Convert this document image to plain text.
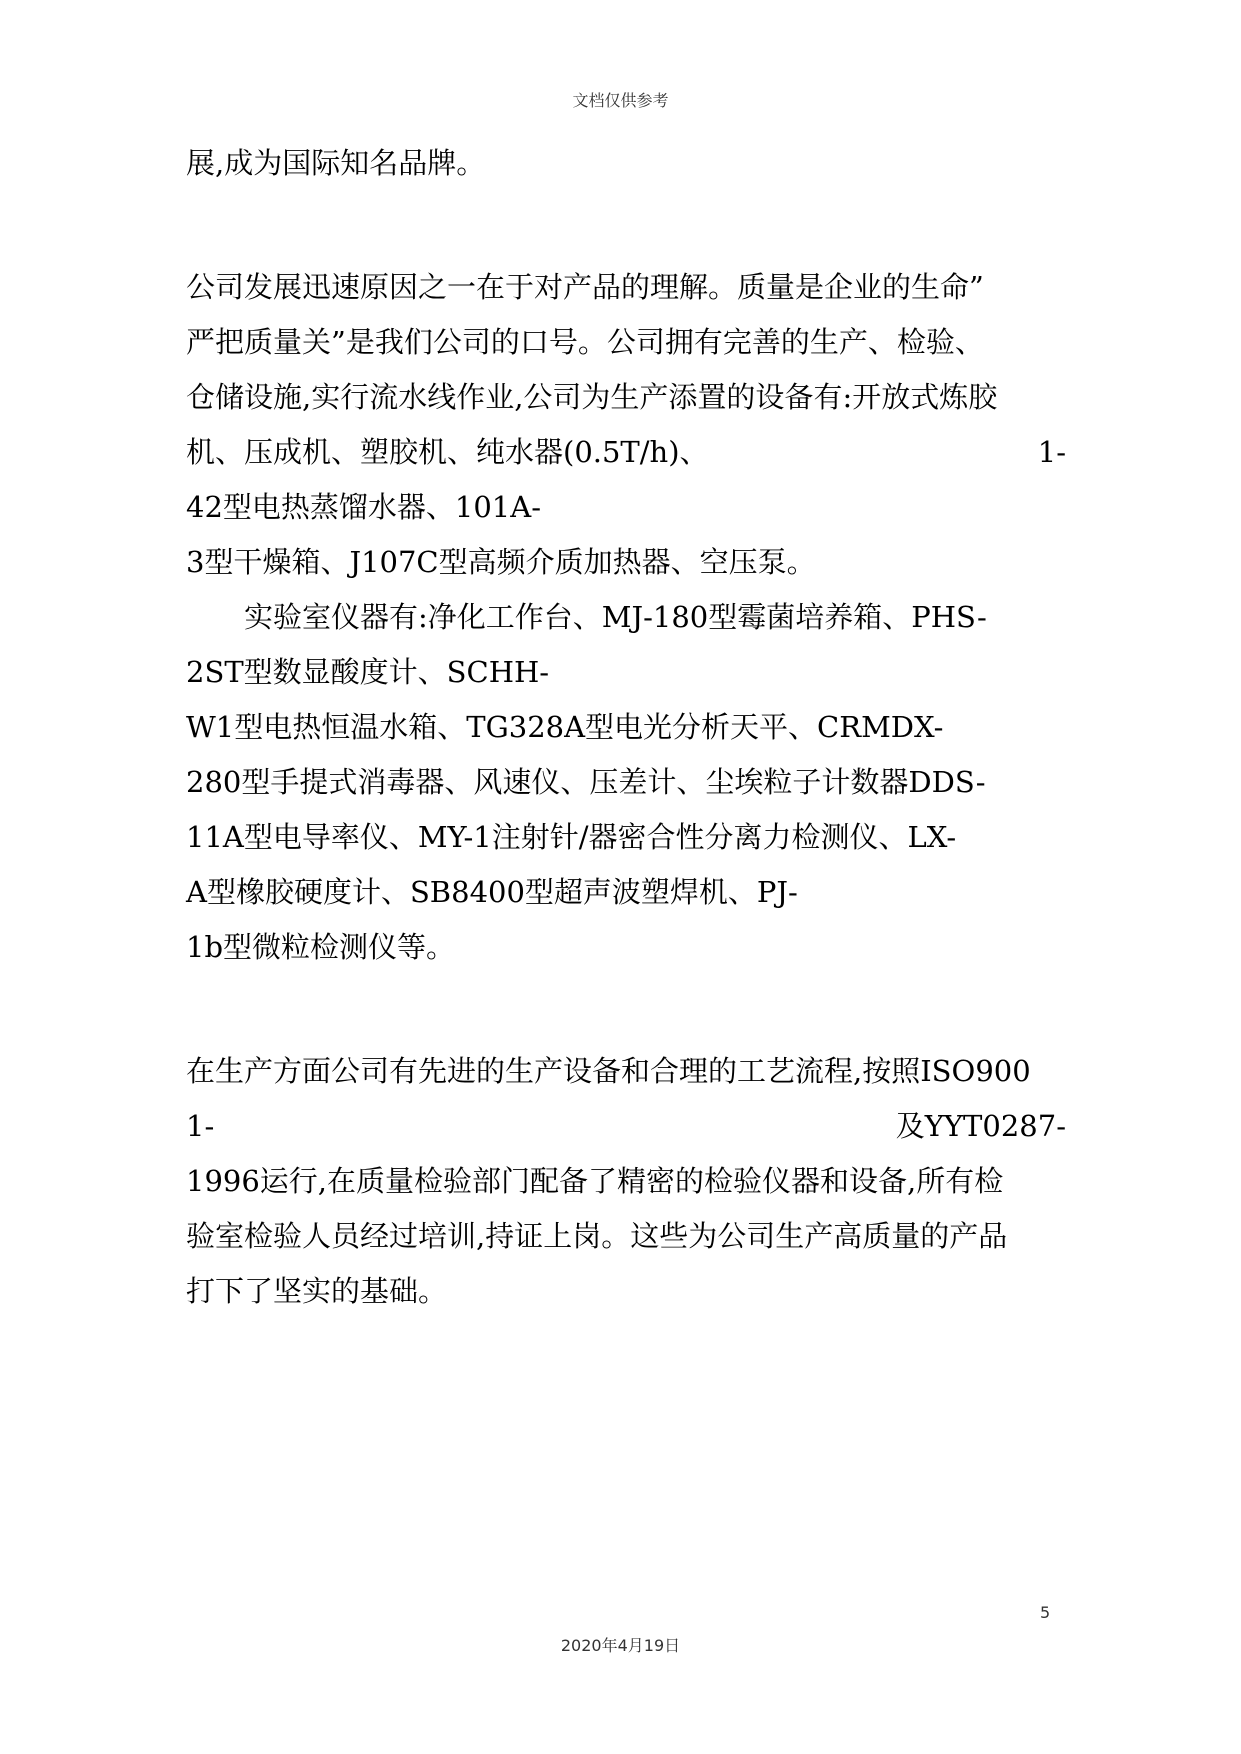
文档仅供参考
展,成为国际知名品牌。
公司发展迅速原因之一在于对产品的理解。质量是企业的生命”
严把质量关”是我们公司的口号。公司拥有完善的生产、检验、
仓储设施,实行流水线作业,公司为生产添置的设备有:开放式炼胶
机、压成机、塑胶机、纯水器(0.5T/h)、	1-
42型电热蒸馏水器、101A-
3型干燥箱、J107C型高频介质加热器、空压泵。
实验室仪器有:净化工作台、MJ-180型霉菌培养箱、PHS-
2ST型数显酸度计、SCHH-
W1型电热恒温水箱、TG328A型电光分析天平、CRMDX-
280型手提式消毒器、风速仪、压差计、尘埃粒子计数器DDS-
11A型电导率仪、MY-1注射针/器密合性分离力检测仪、LX-
A型橡胶硬度计、SB8400型超声波塑焊机、PJ-
1b型微粒检测仪等。
在生产方面公司有先进的生产设备和合理的工艺流程,按照ISO900
1-	及YYT0287-
1996运行,在质量检验部门配备了精密的检验仪器和设备,所有检
验室检验人员经过培训,持证上岗。这些为公司生产高质量的产品
打下了坚实的基础。
5
2020年4月19日
